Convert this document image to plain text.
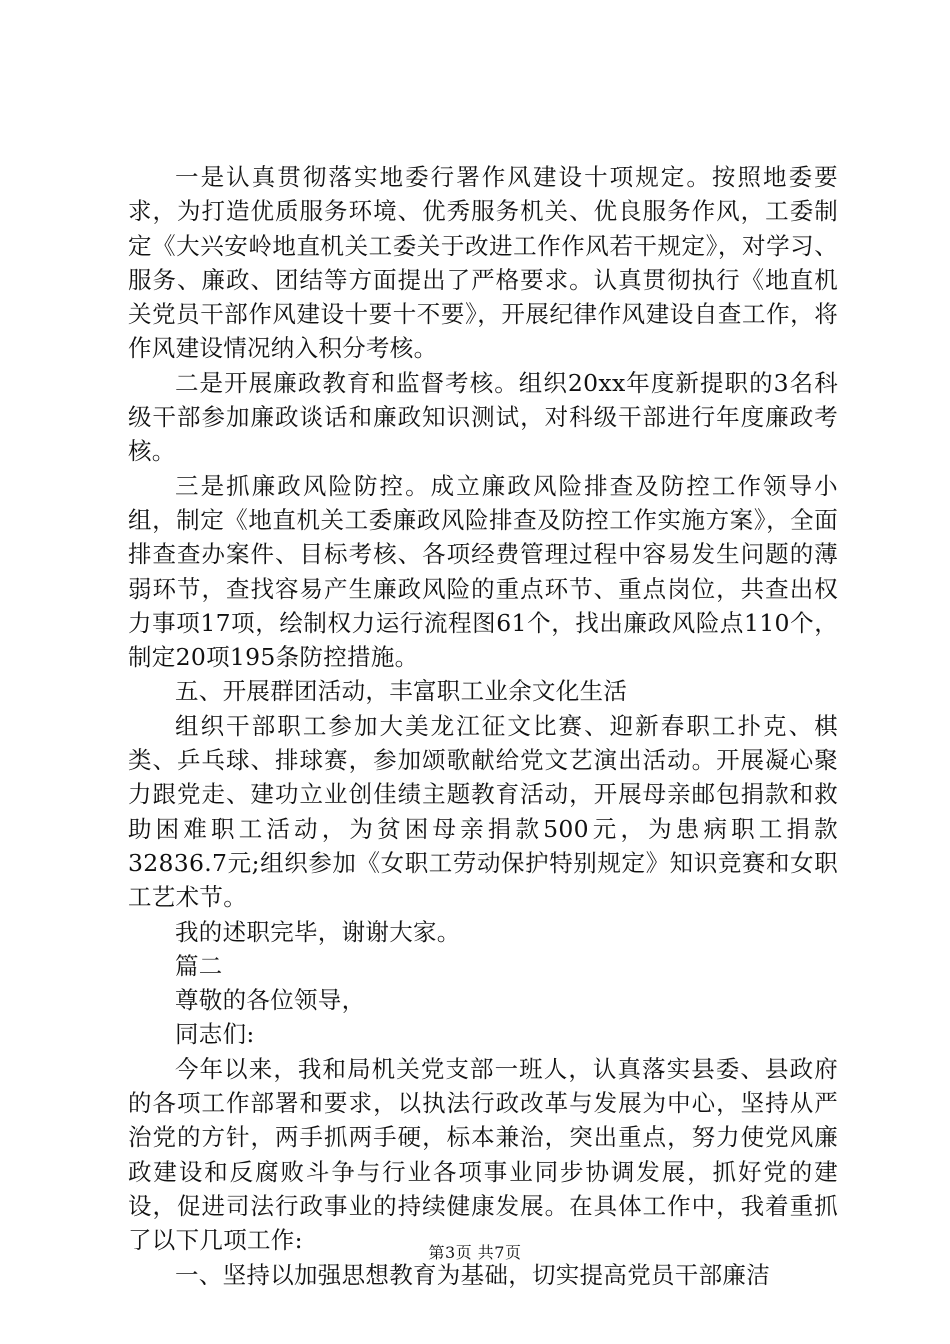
一是认真贯彻落实地委行署作风建设十项规定。按照地委要求，为打造优质服务环境、优秀服务机关、优良服务作风，工委制定《大兴安岭地直机关工委关于改进工作作风若干规定》，对学习、服务、廉政、团结等方面提出了严格要求。认真贯彻执行《地直机关党员干部作风建设十要十不要》，开展纪律作风建设自查工作，将作风建设情况纳入积分考核。

二是开展廉政教育和监督考核。组织20xx年度新提职的3名科级干部参加廉政谈话和廉政知识测试，对科级干部进行年度廉政考核。

三是抓廉政风险防控。成立廉政风险排查及防控工作领导小组，制定《地直机关工委廉政风险排查及防控工作实施方案》，全面排查查办案件、目标考核、各项经费管理过程中容易发生问题的薄弱环节，查找容易产生廉政风险的重点环节、重点岗位，共查出权力事项17项，绘制权力运行流程图61个，找出廉政风险点110个，制定20项195条防控措施。

五、开展群团活动，丰富职工业余文化生活

组织干部职工参加大美龙江征文比赛、迎新春职工扑克、棋类、乒乓球、排球赛，参加颂歌献给党文艺演出活动。开展凝心聚力跟党走、建功立业创佳绩主题教育活动，开展母亲邮包捐款和救助困难职工活动，为贫困母亲捐款500元，为患病职工捐款32836.7元;组织参加《女职工劳动保护特别规定》知识竞赛和女职工艺术节。

我的述职完毕，谢谢大家。

篇二

尊敬的各位领导，

同志们:

今年以来，我和局机关党支部一班人，认真落实县委、县政府的各项工作部署和要求，以执法行政改革与发展为中心，坚持从严治党的方针，两手抓两手硬，标本兼治，突出重点，努力使党风廉政建设和反腐败斗争与行业各项事业同步协调发展，抓好党的建设，促进司法行政事业的持续健康发展。在具体工作中，我着重抓了以下几项工作:

一、坚持以加强思想教育为基础，切实提高党员干部廉洁

第3页 共7页
